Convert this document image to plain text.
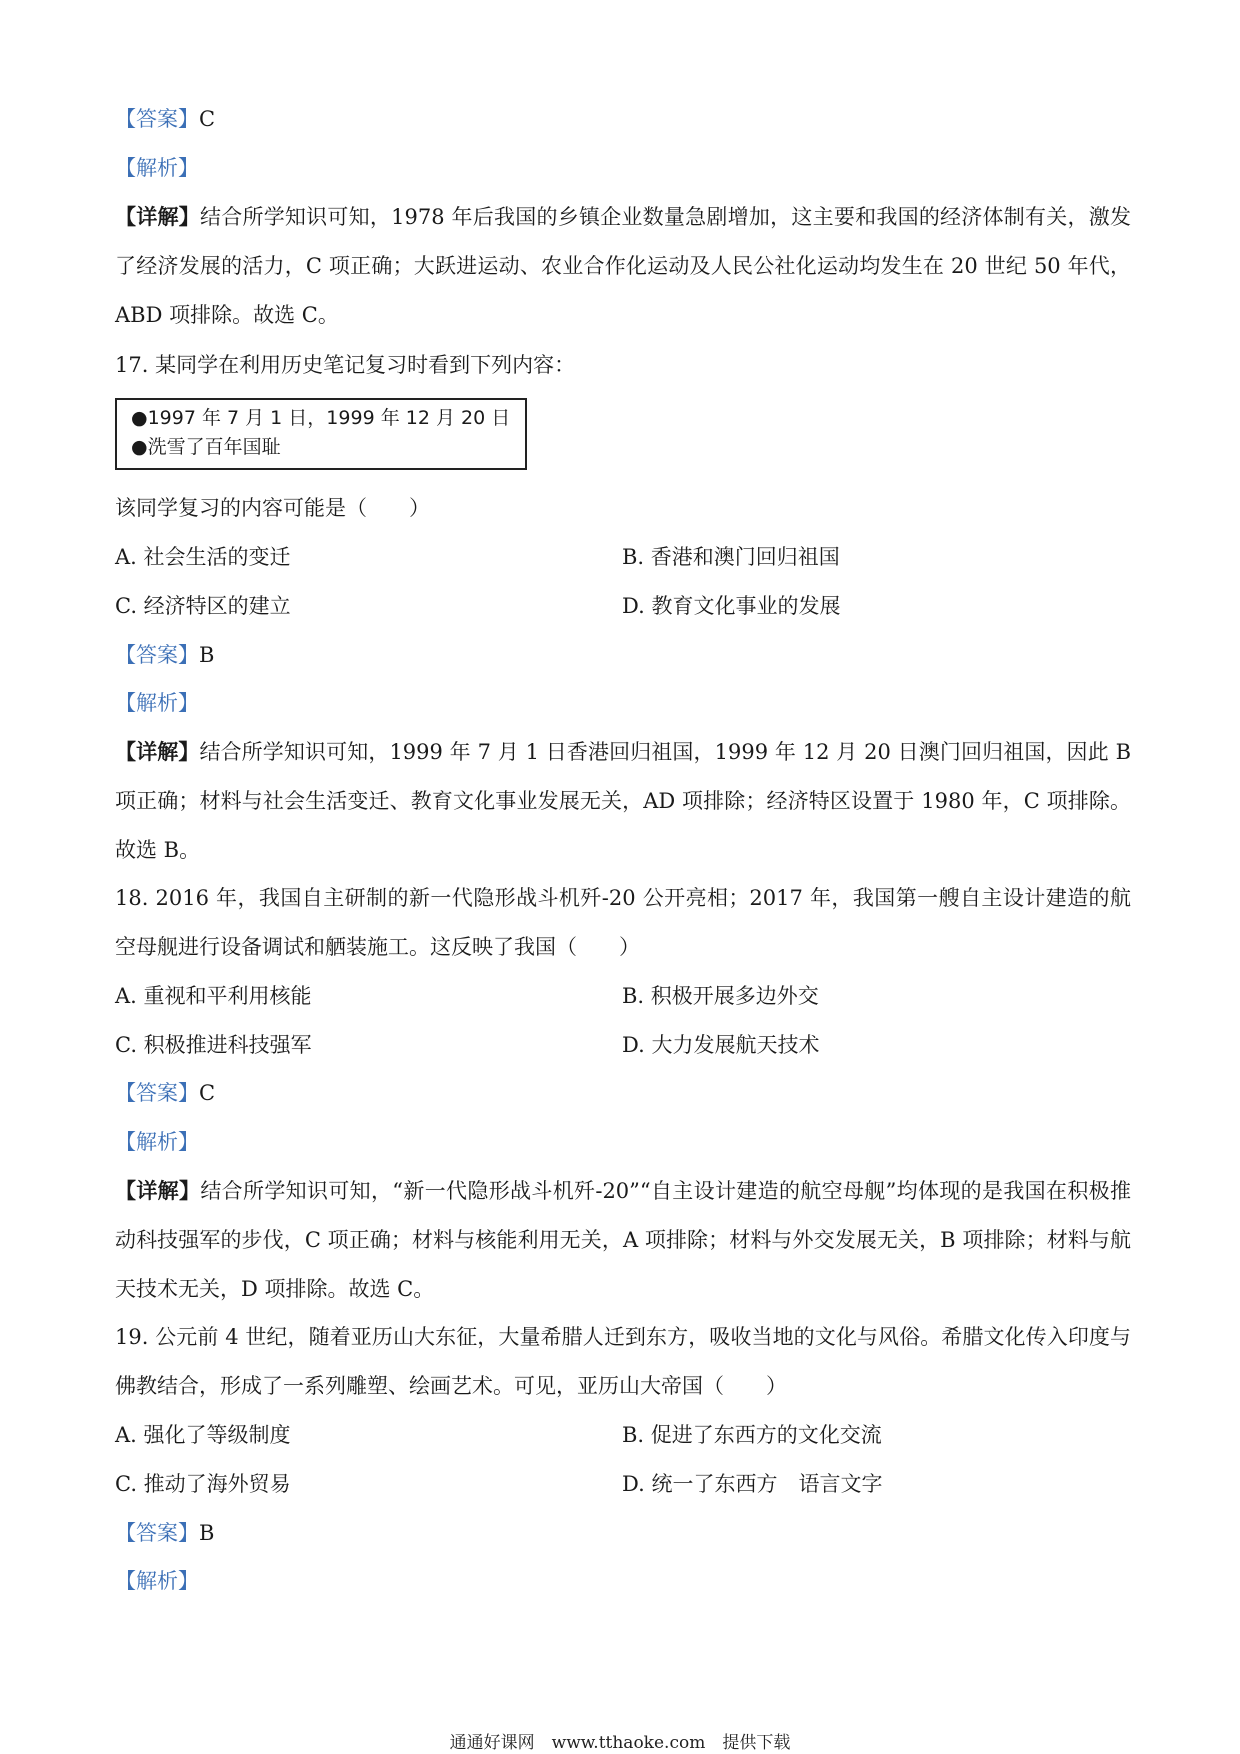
【答案】C
【解析】
【详解】结合所学知识可知，1978 年后我国的乡镇企业数量急剧增加，这主要和我国的经济体制有关，激发了经济发展的活力，C 项正确；大跃进运动、农业合作化运动及人民公社化运动均发生在 20 世纪 50 年代，ABD 项排除。故选 C。
17. 某同学在利用历史笔记复习时看到下列内容：
●1997 年 7 月 1 日，1999 年 12 月 20 日
●洗雪了百年国耻
该同学复习的内容可能是（　　）
A. 社会生活的变迁	B. 香港和澳门回归祖国
C. 经济特区的建立	D. 教育文化事业的发展
【答案】B
【解析】
【详解】结合所学知识可知，1999 年 7 月 1 日香港回归祖国，1999 年 12 月 20 日澳门回归祖国，因此 B 项正确；材料与社会生活变迁、教育文化事业发展无关，AD 项排除；经济特区设置于 1980 年，C 项排除。故选 B。
18. 2016 年，我国自主研制的新一代隐形战斗机歼-20 公开亮相；2017 年，我国第一艘自主设计建造的航空母舰进行设备调试和舾装施工。这反映了我国（　　）
A. 重视和平利用核能	B. 积极开展多边外交
C. 积极推进科技强军	D. 大力发展航天技术
【答案】C
【解析】
【详解】结合所学知识可知，“新一代隐形战斗机歼-20”“自主设计建造的航空母舰”均体现的是我国在积极推动科技强军的步伐，C 项正确；材料与核能利用无关，A 项排除；材料与外交发展无关，B 项排除；材料与航天技术无关，D 项排除。故选 C。
19. 公元前 4 世纪，随着亚历山大东征，大量希腊人迁到东方，吸收当地的文化与风俗。希腊文化传入印度与佛教结合，形成了一系列雕塑、绘画艺术。可见，亚历山大帝国（　　）
A. 强化了等级制度	B. 促进了东西方的文化交流
C. 推动了海外贸易	D. 统一了东西方　语言文字
【答案】B
【解析】
通通好课网　www.tthaoke.com　提供下载
